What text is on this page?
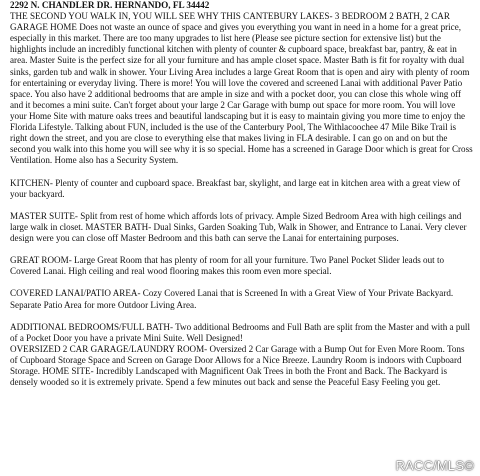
2292 N. CHANDLER DR. HERNANDO, FL 34442

THE SECOND YOU WALK IN, YOU WILL SEE WHY THIS CANTEBURY LAKES- 3 BEDROOM 2 BATH, 2 CAR GARAGE HOME Does not waste an ounce of space and gives you everything you want in need in a home for a great price, especially in this market. There are too many upgrades to list here (Please see picture section for extensive list) but the highlights include an incredibly functional kitchen with plenty of counter & cupboard space, breakfast bar, pantry, & eat in area. Master Suite is the perfect size for all your furniture and has ample closet space. Master Bath is fit for royalty with dual sinks, garden tub and walk in shower. Your Living Area includes a large Great Room that is open and airy with plenty of room for entertaining or everyday living. There is more! You will love the covered and screened Lanai with additional Paver Patio space. You also have 2 additional bedrooms that are ample in size and with a pocket door, you can close this whole wing off and it becomes a mini suite. Can't forget about your large 2 Car Garage with bump out space for more room. You will love your Home Site with mature oaks trees and beautiful landscaping but it is easy to maintain giving you more time to enjoy the Florida Lifestyle. Talking about FUN, included is the use of the Canterbury Pool, The Withlacoochee 47 Mile Bike Trail is right down the street, and you are close to everything else that makes living in FLA desirable. I can go on and on but the second you walk into this home you will see why it is so special. Home has a screened in Garage Door which is great for Cross Ventilation. Home also has a Security System.

KITCHEN- Plenty of counter and cupboard space. Breakfast bar, skylight, and large eat in kitchen area with a great view of your backyard.

MASTER SUITE- Split from rest of home which affords lots of privacy. Ample Sized Bedroom Area with high ceilings and large walk in closet. MASTER BATH- Dual Sinks, Garden Soaking Tub, Walk in Shower, and Entrance to Lanai. Very clever design were you can close off Master Bedroom and this bath can serve the Lanai for entertaining purposes.

GREAT ROOM- Large Great Room that has plenty of room for all your furniture. Two Panel Pocket Slider leads out to Covered Lanai. High ceiling and real wood flooring makes this room even more special.

COVERED LANAI/PATIO AREA- Cozy Covered Lanai that is Screened In with a Great View of Your Private Backyard. Separate Patio Area for more Outdoor Living Area.

ADDITIONAL BEDROOMS/FULL BATH- Two additional Bedrooms and Full Bath are split from the Master and with a pull of a Pocket Door you have a private Mini Suite. Well Designed!

OVERSIZED 2 CAR GARAGE/LAUNDRY ROOM- Oversized 2 Car Garage with a Bump Out for Even More Room. Tons of Cupboard Storage Space and Screen on Garage Door Allows for a Nice Breeze. Laundry Room is indoors with Cupboard Storage. HOME SITE- Incredibly Landscaped with Magnificent Oak Trees in both the Front and Back. The Backyard is densely wooded so it is extremely private. Spend a few minutes out back and sense the Peaceful Easy Feeling you get.

RACC/MLS©
